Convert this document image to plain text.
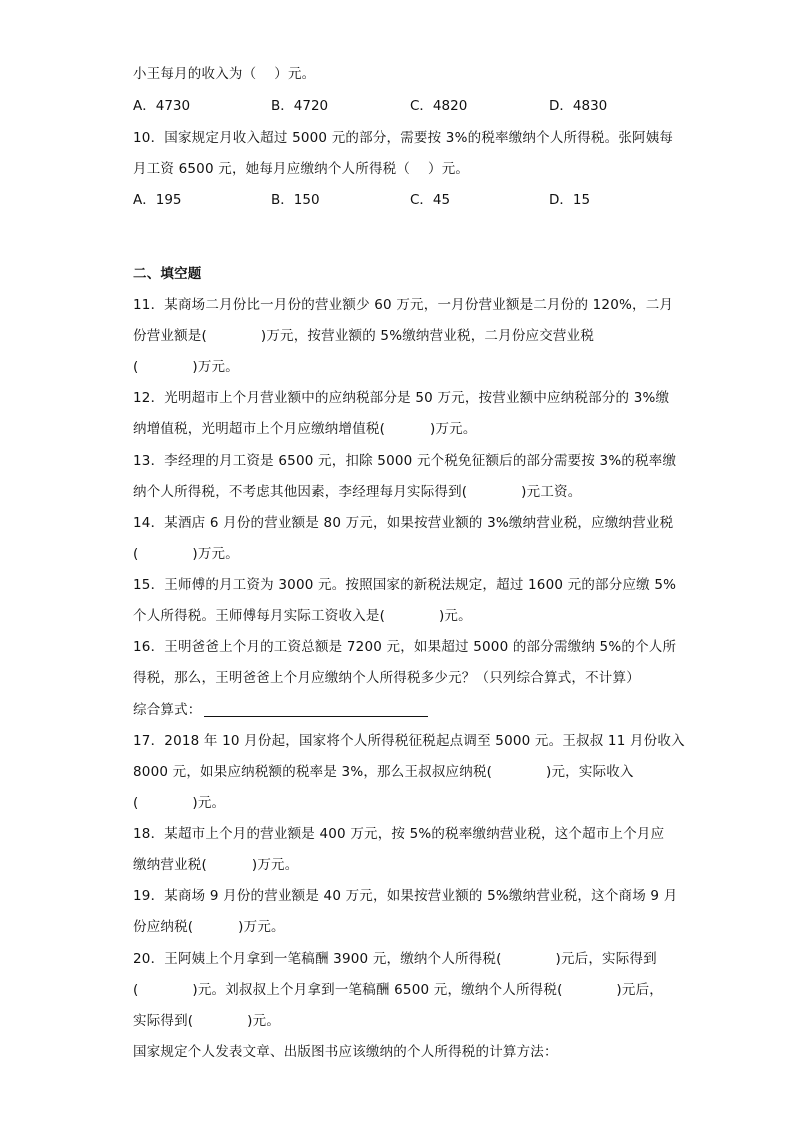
小王每月的收入为（    ）元。
A．4730	B．4720	C．4820	D．4830
10．国家规定月收入超过 5000 元的部分，需要按 3%的税率缴纳个人所得税。张阿姨每
月工资 6500 元，她每月应缴纳个人所得税（    ）元。
A．195	B．150	C．45	D．15
二、填空题
11．某商场二月份比一月份的营业额少 60 万元，一月份营业额是二月份的 120%，二月
份营业额是(            )万元，按营业额的 5%缴纳营业税，二月份应交营业税
(            )万元。
12．光明超市上个月营业额中的应纳税部分是 50 万元，按营业额中应纳税部分的 3%缴
纳增值税，光明超市上个月应缴纳增值税(          )万元。
13．李经理的月工资是 6500 元，扣除 5000 元个税免征额后的部分需要按 3%的税率缴
纳个人所得税，不考虑其他因素，李经理每月实际得到(            )元工资。
14．某酒店 6 月份的营业额是 80 万元，如果按营业额的 3%缴纳营业税，应缴纳营业税
(            )万元。
15．王师傅的月工资为 3000 元。按照国家的新税法规定，超过 1600 元的部分应缴 5%
个人所得税。王师傅每月实际工资收入是(            )元。
16．王明爸爸上个月的工资总额是 7200 元，如果超过 5000 的部分需缴纳 5%的个人所
得税，那么，王明爸爸上个月应缴纳个人所得税多少元？（只列综合算式，不计算）
综合算式：
17．2018 年 10 月份起，国家将个人所得税征税起点调至 5000 元。王叔叔 11 月份收入
8000 元，如果应纳税额的税率是 3%，那么王叔叔应纳税(            )元，实际收入
(            )元。
18．某超市上个月的营业额是 400 万元，按 5%的税率缴纳营业税，这个超市上个月应
缴纳营业税(          )万元。
19．某商场 9 月份的营业额是 40 万元，如果按营业额的 5%缴纳营业税，这个商场 9 月
份应纳税(          )万元。
20．王阿姨上个月拿到一笔稿酬 3900 元，缴纳个人所得税(            )元后，实际得到
(            )元。刘叔叔上个月拿到一笔稿酬 6500 元，缴纳个人所得税(            )元后，
实际得到(            )元。
国家规定个人发表文章、出版图书应该缴纳的个人所得税的计算方法：
